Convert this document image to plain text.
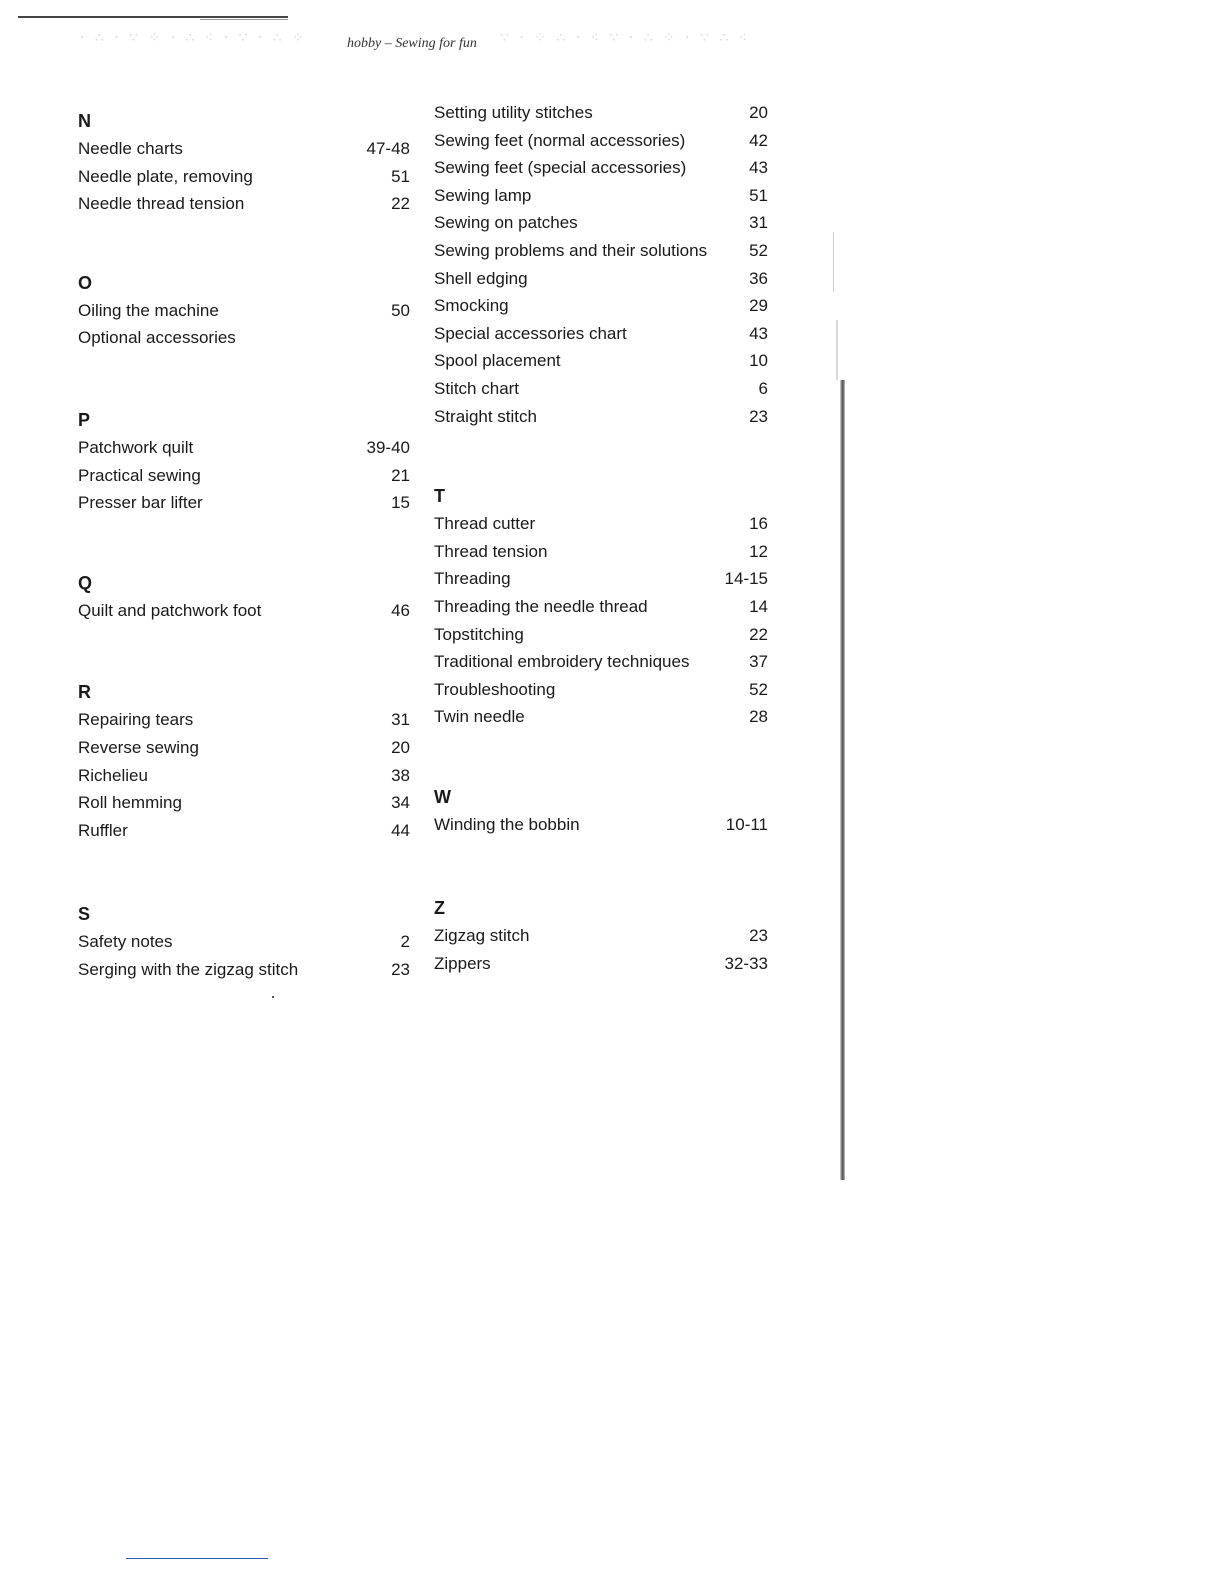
· ∴ · ∵ ⁘ · ∴ ⁖ · ∵ · ∴ ⁘	∵ · ⁘ ∴ · ⁖ ∵ · ∴ ⁘ · ∵ ∴ ⁖
hobby – Sewing for fun
N
Needle charts	47-48
Needle plate, removing	51
Needle thread tension	22
O
Oiling the machine	50
Optional accessories
P
Patchwork quilt	39-40
Practical sewing	21
Presser bar lifter	15
Q
Quilt and patchwork foot	46
R
Repairing tears	31
Reverse sewing	20
Richelieu	38
Roll hemming	34
Ruffler	44
S
Safety notes	2
Serging with the zigzag stitch	23
Setting utility stitches	20
Sewing feet (normal accessories)	42
Sewing feet (special accessories)	43
Sewing lamp	51
Sewing on patches	31
Sewing problems and their solutions 52
Shell edging	36
Smocking	29
Special accessories chart	43
Spool placement	10
Stitch chart	6
Straight stitch	23
T
Thread cutter	16
Thread tension	12
Threading	14-15
Threading the needle thread	14
Topstitching	22
Traditional embroidery techniques	37
Troubleshooting	52
Twin needle	28
W
Winding the bobbin	10-11
Z
Zigzag stitch	23
Zippers	32-33
